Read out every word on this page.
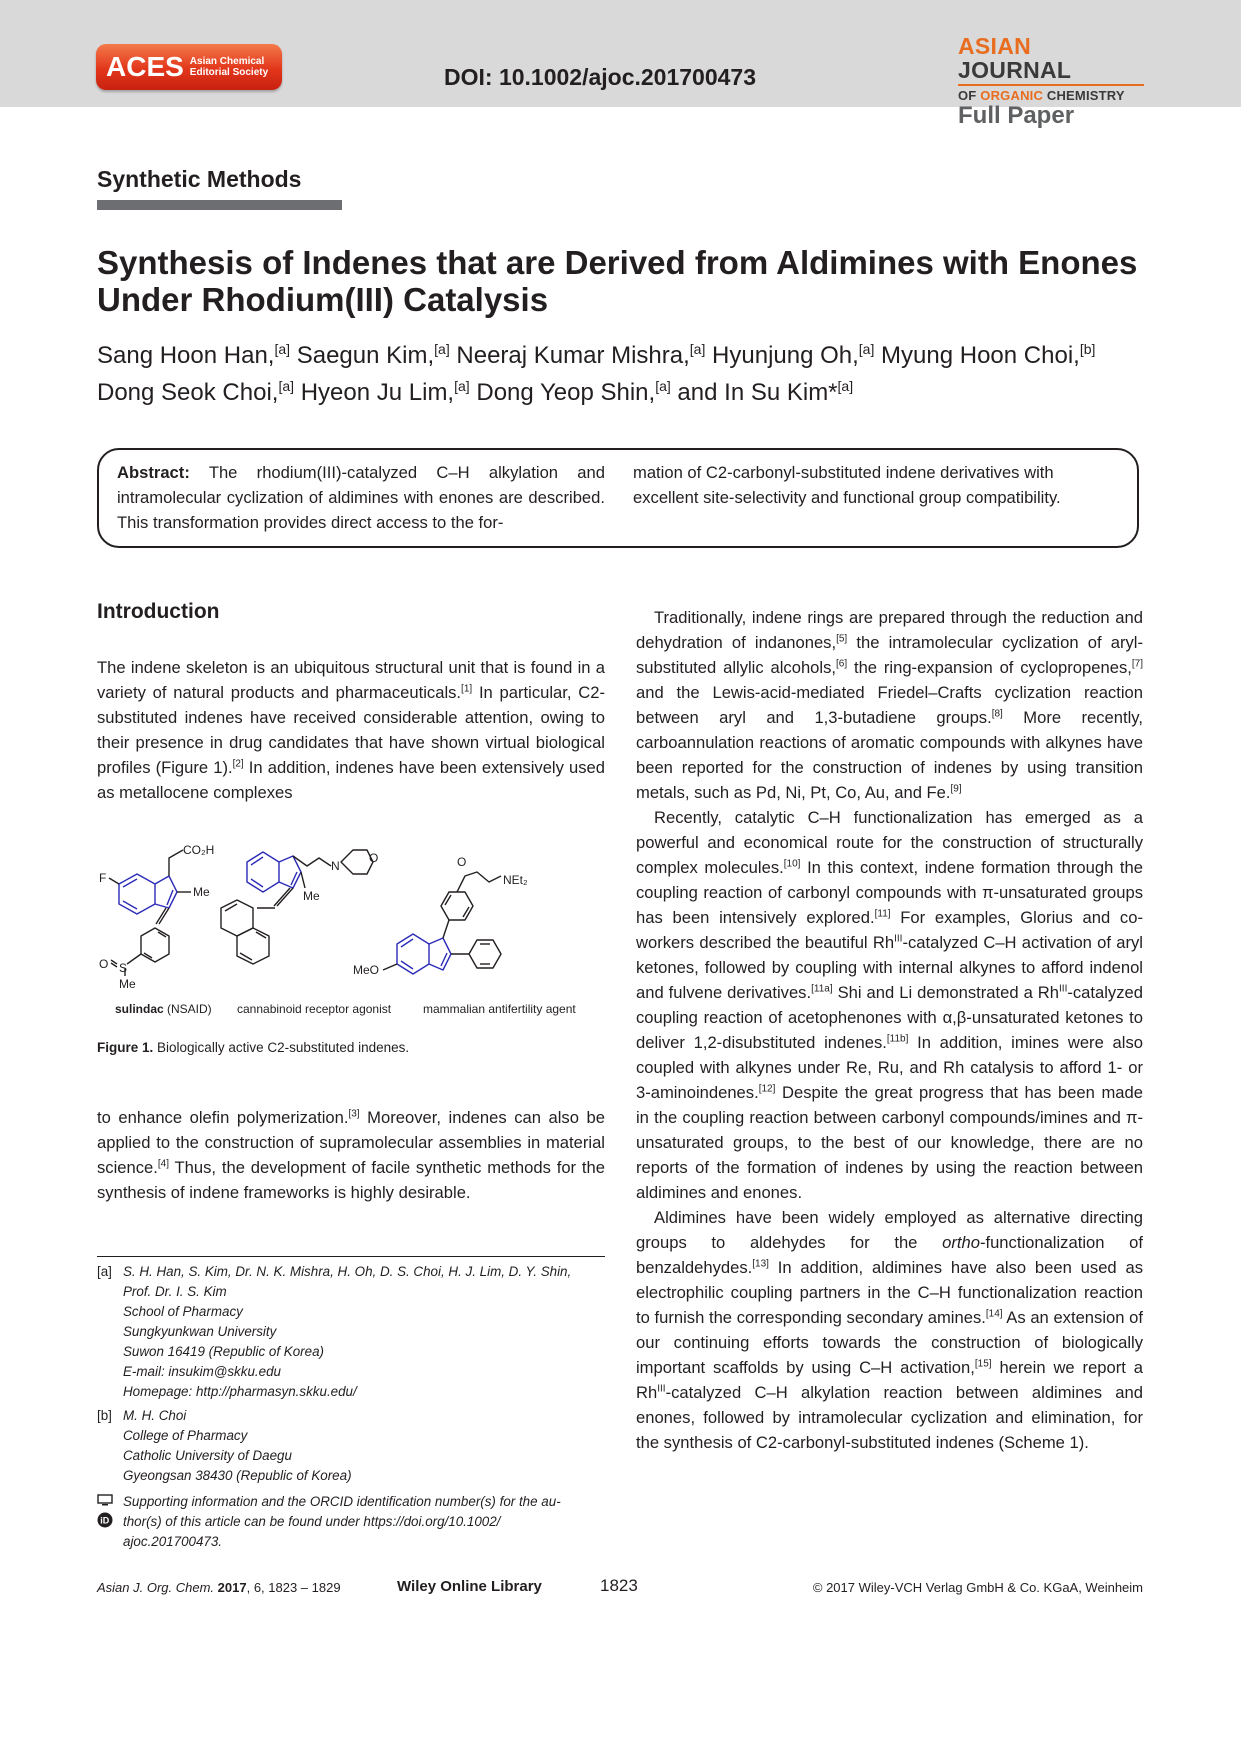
ACES Asian Chemical
Editorial Society	DOI: 10.1002/ajoc.201700473
ASIAN JOURNAL
OF ORGANIC CHEMISTRY
Full Paper
Synthetic Methods
Synthesis of Indenes that are Derived from Aldimines with Enones Under Rhodium(III) Catalysis

Sang Hoon Han,[a] Saegun Kim,[a] Neeraj Kumar Mishra,[a] Hyunjung Oh,[a] Myung Hoon Choi,[b] Dong Seok Choi,[a] Hyeon Ju Lim,[a] Dong Yeop Shin,[a] and In Su Kim*[a]

Abstract: The rhodium(III)-catalyzed C–H alkylation and intramolecular cyclization of aldimines with enones are described. This transformation provides direct access to the for-
mation of C2-carbonyl-substituted indene derivatives with excellent site-selectivity and functional group compatibility.
Introduction

The indene skeleton is an ubiquitous structural unit that is found in a variety of natural products and pharmaceuticals.[1] In particular, C2-substituted indenes have received considerable attention, owing to their presence in drug candidates that have shown virtual biological profiles (Figure 1).[2] In addition, indenes have been extensively used as metallocene complexes

F
CO₂H
Me
O S
Me
N
O
Me
MeO
O
NEt₂
sulindac (NSAID) cannabinoid receptor agonist	mammalian antifertility agent
Figure 1. Biologically active C2-substituted indenes.

to enhance olefin polymerization.[3] Moreover, indenes can also be applied to the construction of supramolecular assemblies in material science.[4] Thus, the development of facile synthetic methods for the synthesis of indene frameworks is highly desirable.

[a] S. H. Han, S. Kim, Dr. N. K. Mishra, H. Oh, D. S. Choi, H. J. Lim, D. Y. Shin,
Prof. Dr. I. S. Kim
School of Pharmacy
Sungkyunkwan University
Suwon 16419 (Republic of Korea)
E-mail: insukim@skku.edu
Homepage: http://pharmasyn.skku.edu/
[b] M. H. Choi
College of Pharmacy
Catholic University of Daegu
Gyeongsan 38430 (Republic of Korea)
iD
Supporting information and the ORCID identification number(s) for the au-
thor(s) of this article can be found under https://doi.org/10.1002/
ajoc.201700473.

Traditionally, indene rings are prepared through the reduction and dehydration of indanones,[5] the intramolecular cyclization of aryl-substituted allylic alcohols,[6] the ring-expansion of cyclopropenes,[7] and the Lewis-acid-mediated Friedel–Crafts cyclization reaction between aryl and 1,3-butadiene groups.[8] More recently, carboannulation reactions of aromatic compounds with alkynes have been reported for the construction of indenes by using transition metals, such as Pd, Ni, Pt, Co, Au, and Fe.[9]

Recently, catalytic C–H functionalization has emerged as a powerful and economical route for the construction of structurally complex molecules.[10] In this context, indene formation through the coupling reaction of carbonyl compounds with π-unsaturated groups has been intensively explored.[11] For examples, Glorius and co-workers described the beautiful $Rh^{III}$-catalyzed C–H activation of aryl ketones, followed by coupling with internal alkynes to afford indenol and fulvene derivatives.[11a] Shi and Li demonstrated a $Rh^{III}$-catalyzed coupling reaction of acetophenones with α,β-unsaturated ketones to deliver 1,2-disubstituted indenes.[11b] In addition, imines were also coupled with alkynes under Re, Ru, and Rh catalysis to afford 1- or 3-aminoindenes.[12] Despite the great progress that has been made in the coupling reaction between carbonyl compounds/imines and π-unsaturated groups, to the best of our knowledge, there are no reports of the formation of indenes by using the reaction between aldimines and enones.

Aldimines have been widely employed as alternative directing groups to aldehydes for the ortho-functionalization of benzaldehydes.[13] In addition, aldimines have also been used as electrophilic coupling partners in the C–H functionalization reaction to furnish the corresponding secondary amines.[14] As an extension of our continuing efforts towards the construction of biologically important scaffolds by using C–H activation,[15] herein we report a $Rh^{III}$-catalyzed C–H alkylation reaction between aldimines and enones, followed by intramolecular cyclization and elimination, for the synthesis of C2-carbonyl-substituted indenes (Scheme 1).

Asian J. Org. Chem. 2017, 6, 1823 – 1829	Wiley Online Library	1823	© 2017 Wiley-VCH Verlag GmbH & Co. KGaA, Weinheim
